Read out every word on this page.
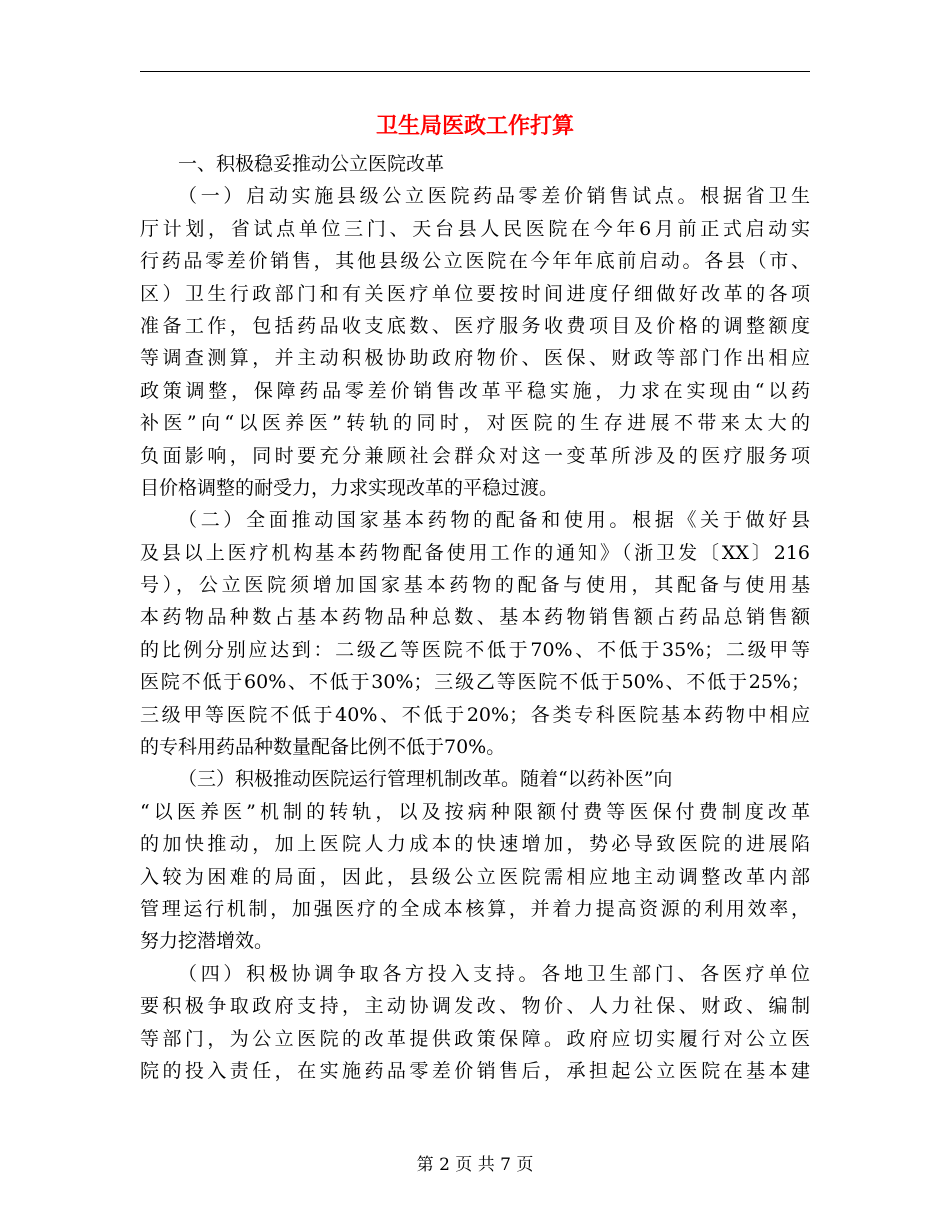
卫生局医政工作打算
一、积极稳妥推动公立医院改革
（一）启动实施县级公立医院药品零差价销售试点。根据省卫生
厅计划，省试点单位三门、天台县人民医院在今年6月前正式启动实
行药品零差价销售，其他县级公立医院在今年年底前启动。各县（市、
区）卫生行政部门和有关医疗单位要按时间进度仔细做好改革的各项
准备工作，包括药品收支底数、医疗服务收费项目及价格的调整额度
等调查测算，并主动积极协助政府物价、医保、财政等部门作出相应
政策调整，保障药品零差价销售改革平稳实施，力求在实现由“以药
补医”向“以医养医”转轨的同时，对医院的生存进展不带来太大的
负面影响，同时要充分兼顾社会群众对这一变革所涉及的医疗服务项
目价格调整的耐受力，力求实现改革的平稳过渡。
（二）全面推动国家基本药物的配备和使用。根据《关于做好县
及县以上医疗机构基本药物配备使用工作的通知》（浙卫发〔XX〕216
号），公立医院须增加国家基本药物的配备与使用，其配备与使用基
本药物品种数占基本药物品种总数、基本药物销售额占药品总销售额
的比例分别应达到：二级乙等医院不低于70%、不低于35%；二级甲等
医院不低于60%、不低于30%；三级乙等医院不低于50%、不低于25%；
三级甲等医院不低于40%、不低于20%；各类专科医院基本药物中相应
的专科用药品种数量配备比例不低于70%。
（三）积极推动医院运行管理机制改革。随着“以药补医”向
“以医养医”机制的转轨，以及按病种限额付费等医保付费制度改革
的加快推动，加上医院人力成本的快速增加，势必导致医院的进展陷
入较为困难的局面，因此，县级公立医院需相应地主动调整改革内部
管理运行机制，加强医疗的全成本核算，并着力提高资源的利用效率，
努力挖潜增效。
（四）积极协调争取各方投入支持。各地卫生部门、各医疗单位
要积极争取政府支持，主动协调发改、物价、人力社保、财政、编制
等部门，为公立医院的改革提供政策保障。政府应切实履行对公立医
院的投入责任，在实施药品零差价销售后，承担起公立医院在基本建
第 2 页 共 7 页
